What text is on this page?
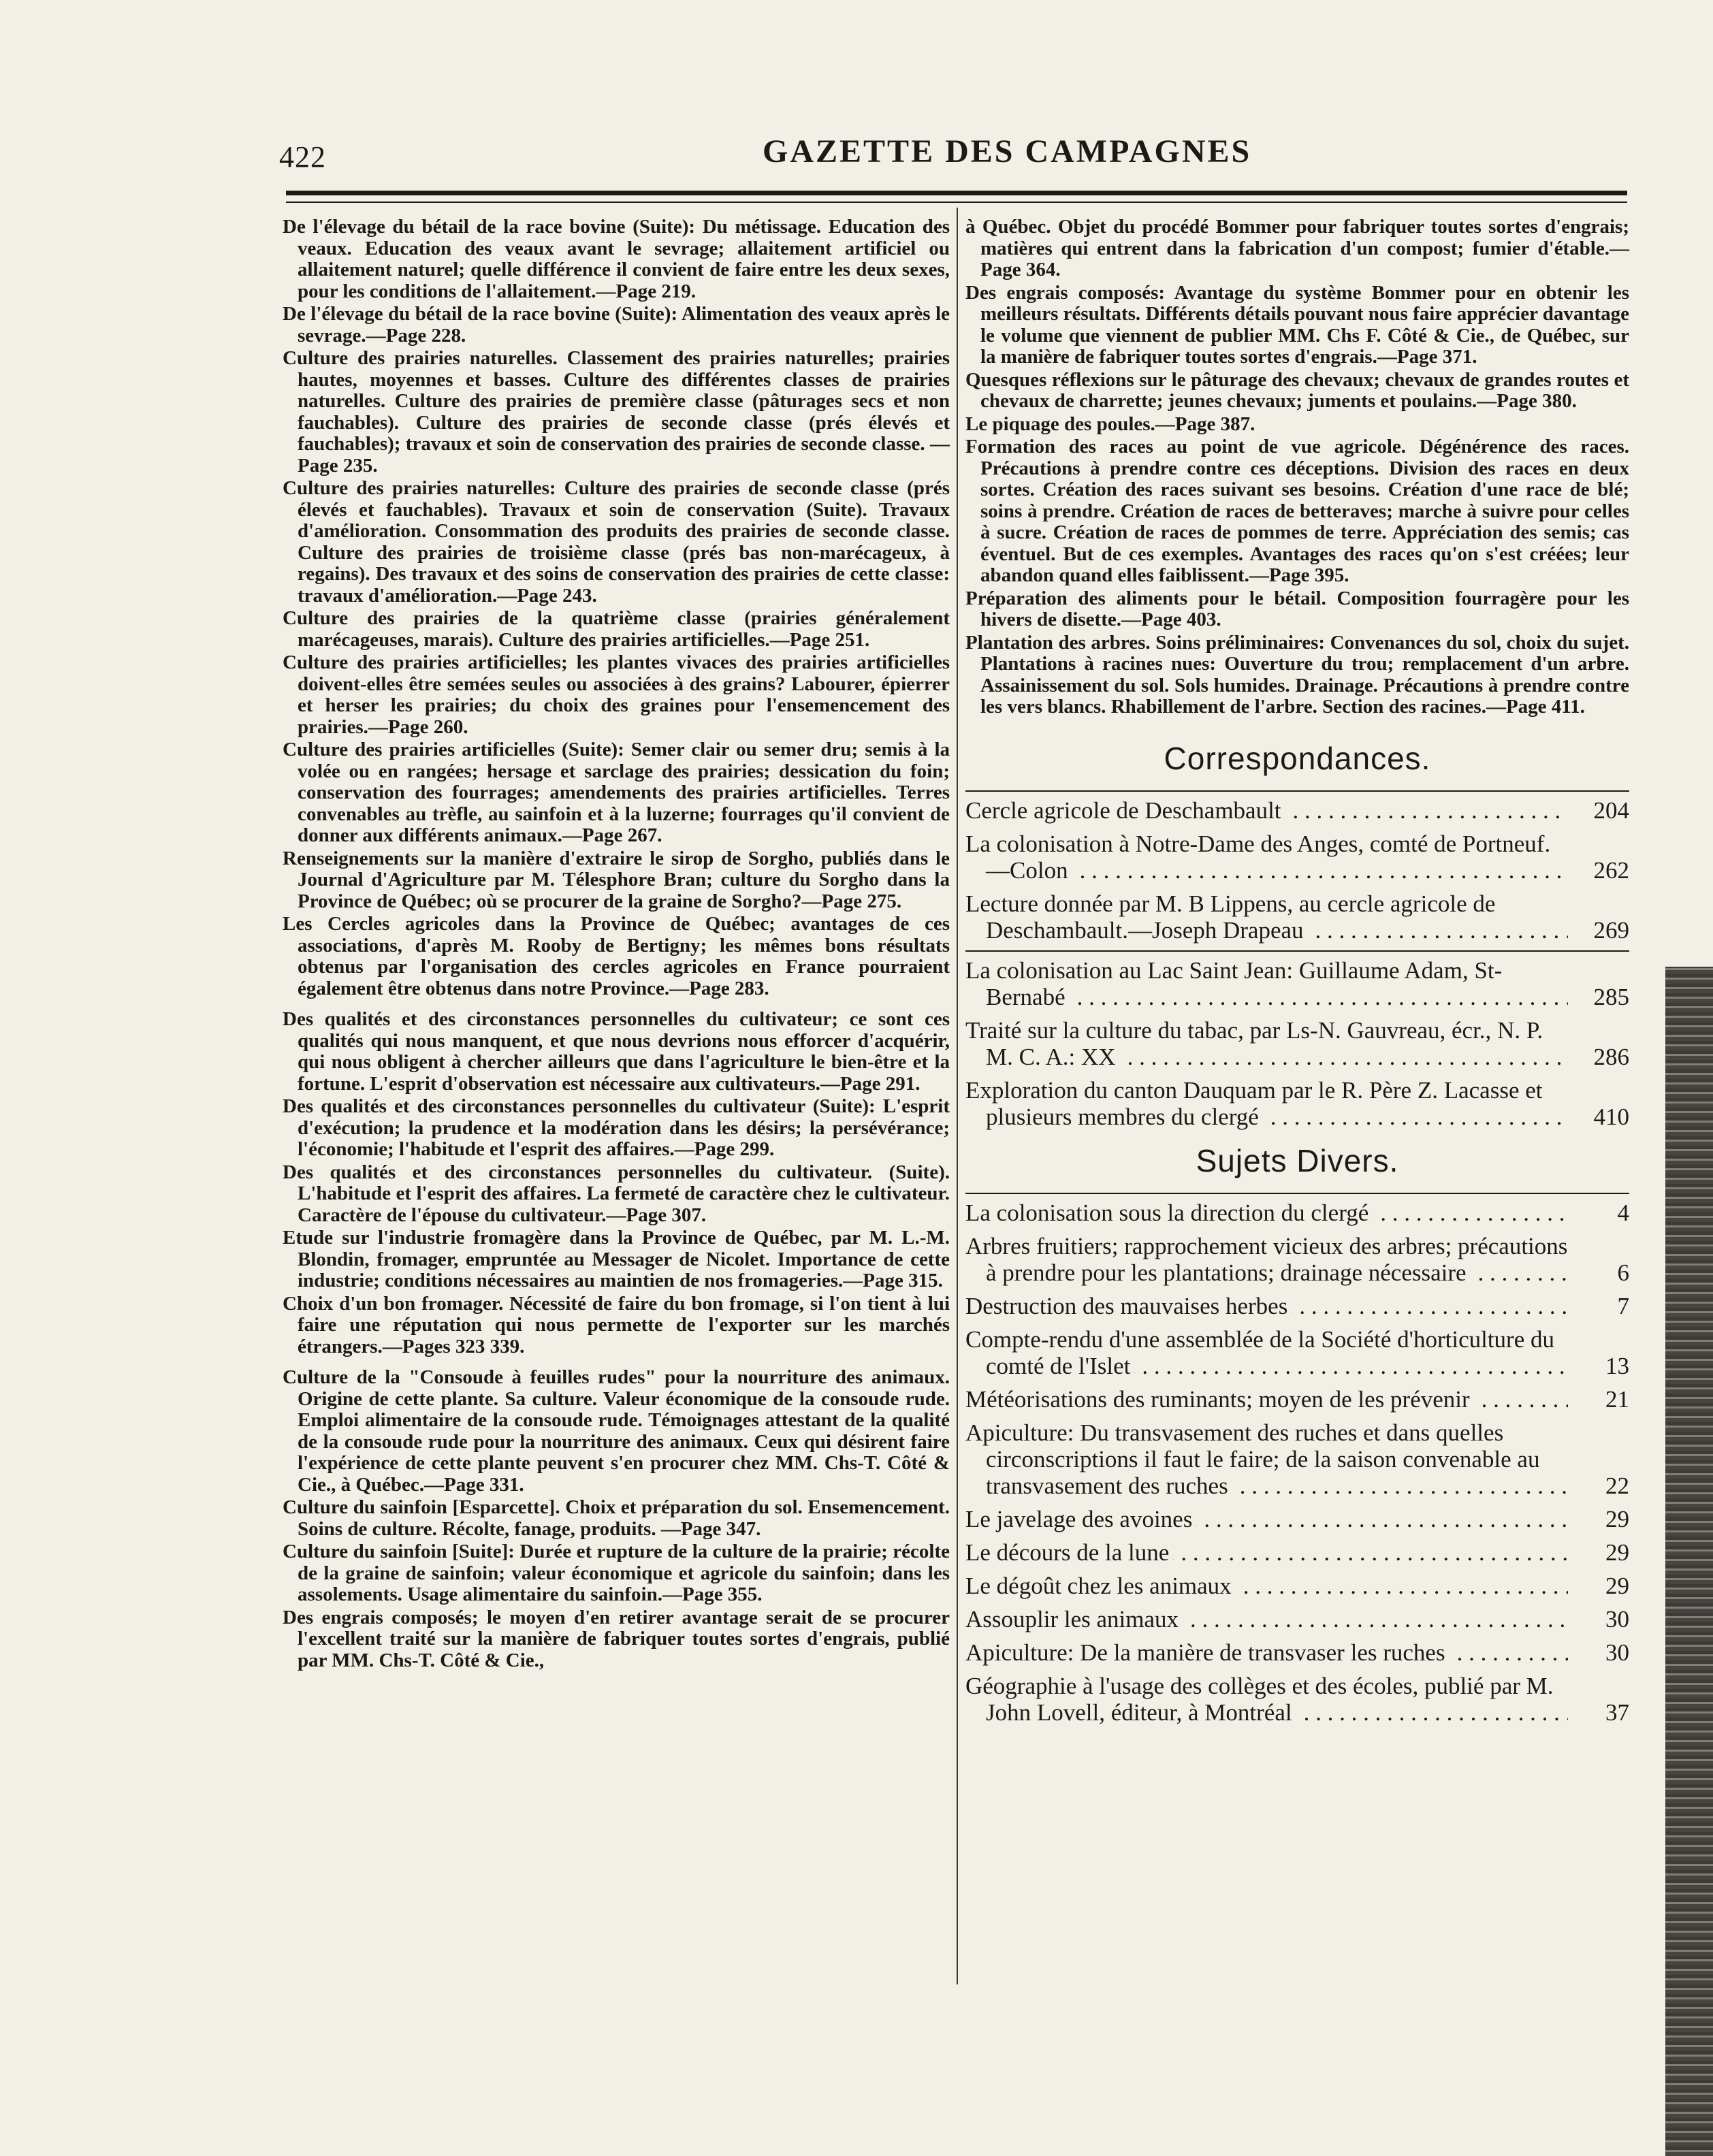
422	GAZETTE DES CAMPAGNES

De l'élevage du bétail de la race bovine (Suite): Du métissage. Education des veaux. Education des veaux avant le sevrage; allaitement artificiel ou allaitement naturel; quelle différence il convient de faire entre les deux sexes, pour les conditions de l'allaitement.—Page 219.

De l'élevage du bétail de la race bovine (Suite): Alimentation des veaux après le sevrage.—Page 228.

Culture des prairies naturelles. Classement des prairies naturelles; prairies hautes, moyennes et basses. Culture des différentes classes de prairies naturelles. Culture des prairies de première classe (pâturages secs et non fauchables). Culture des prairies de seconde classe (prés élevés et fauchables); travaux et soin de conservation des prairies de seconde classe. —Page 235.

Culture des prairies naturelles: Culture des prairies de seconde classe (prés élevés et fauchables). Travaux et soin de conservation (Suite). Travaux d'amélioration. Consommation des produits des prairies de seconde classe. Culture des prairies de troisième classe (prés bas non-marécageux, à regains). Des travaux et des soins de conservation des prairies de cette classe: travaux d'amélioration.—Page 243.

Culture des prairies de la quatrième classe (prairies généralement marécageuses, marais). Culture des prairies artificielles.—Page 251.

Culture des prairies artificielles; les plantes vivaces des prairies artificielles doivent-elles être semées seules ou associées à des grains? Labourer, épierrer et herser les prairies; du choix des graines pour l'ensemencement des prairies.—Page 260.

Culture des prairies artificielles (Suite): Semer clair ou semer dru; semis à la volée ou en rangées; hersage et sarclage des prairies; dessication du foin; conservation des fourrages; amendements des prairies artificielles. Terres convenables au trèfle, au sainfoin et à la luzerne; fourrages qu'il convient de donner aux différents animaux.—Page 267.

Renseignements sur la manière d'extraire le sirop de Sorgho, publiés dans le Journal d'Agriculture par M. Télesphore Bran; culture du Sorgho dans la Province de Québec; où se procurer de la graine de Sorgho?—Page 275.

Les Cercles agricoles dans la Province de Québec; avantages de ces associations, d'après M. Rooby de Bertigny; les mêmes bons résultats obtenus par l'organisation des cercles agricoles en France pourraient également être obtenus dans notre Province.—Page 283.

Des qualités et des circonstances personnelles du cultivateur; ce sont ces qualités qui nous manquent, et que nous devrions nous efforcer d'acquérir, qui nous obligent à chercher ailleurs que dans l'agriculture le bien-être et la fortune. L'esprit d'observation est nécessaire aux cultivateurs.—Page 291.

Des qualités et des circonstances personnelles du cultivateur (Suite): L'esprit d'exécution; la prudence et la modération dans les désirs; la persévérance; l'économie; l'habitude et l'esprit des affaires.—Page 299.

Des qualités et des circonstances personnelles du cultivateur. (Suite). L'habitude et l'esprit des affaires. La fermeté de caractère chez le cultivateur. Caractère de l'épouse du cultivateur.—Page 307.

Etude sur l'industrie fromagère dans la Province de Québec, par M. L.-M. Blondin, fromager, empruntée au Messager de Nicolet. Importance de cette industrie; conditions nécessaires au maintien de nos fromageries.—Page 315.

Choix d'un bon fromager. Nécessité de faire du bon fromage, si l'on tient à lui faire une réputation qui nous permette de l'exporter sur les marchés étrangers.—Pages 323 339.

Culture de la "Consoude à feuilles rudes" pour la nourriture des animaux. Origine de cette plante. Sa culture. Valeur économique de la consoude rude. Emploi alimentaire de la consoude rude. Témoignages attestant de la qualité de la consoude rude pour la nourriture des animaux. Ceux qui désirent faire l'expérience de cette plante peuvent s'en procurer chez MM. Chs-T. Côté & Cie., à Québec.—Page 331.

Culture du sainfoin [Esparcette]. Choix et préparation du sol. Ensemencement. Soins de culture. Récolte, fanage, produits. —Page 347.

Culture du sainfoin [Suite]: Durée et rupture de la culture de la prairie; récolte de la graine de sainfoin; valeur économique et agricole du sainfoin; dans les assolements. Usage alimentaire du sainfoin.—Page 355.

Des engrais composés; le moyen d'en retirer avantage serait de se procurer l'excellent traité sur la manière de fabriquer toutes sortes d'engrais, publié par MM. Chs-T. Côté & Cie.,

à Québec. Objet du procédé Bommer pour fabriquer toutes sortes d'engrais; matières qui entrent dans la fabrication d'un compost; fumier d'étable.—Page 364.

Des engrais composés: Avantage du système Bommer pour en obtenir les meilleurs résultats. Différents détails pouvant nous faire apprécier davantage le volume que viennent de publier MM. Chs F. Côté & Cie., de Québec, sur la manière de fabriquer toutes sortes d'engrais.—Page 371.

Quesques réflexions sur le pâturage des chevaux; chevaux de grandes routes et chevaux de charrette; jeunes chevaux; juments et poulains.—Page 380.

Le piquage des poules.—Page 387.

Formation des races au point de vue agricole. Dégénérence des races. Précautions à prendre contre ces déceptions. Division des races en deux sortes. Création des races suivant ses besoins. Création d'une race de blé; soins à prendre. Création de races de betteraves; marche à suivre pour celles à sucre. Création de races de pommes de terre. Appréciation des semis; cas éventuel. But de ces exemples. Avantages des races qu'on s'est créées; leur abandon quand elles faiblissent.—Page 395.

Préparation des aliments pour le bétail. Composition fourragère pour les hivers de disette.—Page 403.

Plantation des arbres. Soins préliminaires: Convenances du sol, choix du sujet. Plantations à racines nues: Ouverture du trou; remplacement d'un arbre. Assainissement du sol. Sols humides. Drainage. Précautions à prendre contre les vers blancs. Rhabillement de l'arbre. Section des racines.—Page 411.

Correspondances.
Cercle agricole de Deschambault . . .	204
La colonisation à Notre-Dame des Anges, comté de Portneuf.—Colon . . .	262
Lecture donnée par M. B Lippens, au cercle agricole de Deschambault.—Joseph Drapeau . . .	269
La colonisation au Lac Saint Jean: Guillaume Adam, St-Bernabé . . .	285
Traité sur la culture du tabac, par Ls-N. Gauvreau, écr., N. P. M. C. A.: XX . . .	286
Exploration du canton Dauquam par le R. Père Z. Lacasse et plusieurs membres du clergé . . .	410
Sujets Divers.
La colonisation sous la direction du clergé . . .	4
Arbres fruitiers; rapprochement vicieux des arbres; précautions à prendre pour les plantations; drainage nécessaire . . .	6
Destruction des mauvaises herbes . . .	7
Compte-rendu d'une assemblée de la Société d'horticulture du comté de l'Islet . . .	13
Météorisations des ruminants; moyen de les prévenir . . .	21
Apiculture: Du transvasement des ruches et dans quelles circonscriptions il faut le faire; de la saison convenable au transvasement des ruches . . .	22
Le javelage des avoines . . .	29
Le décours de la lune . . .	29
Le dégoût chez les animaux . . .	29
Assouplir les animaux . . .	30
Apiculture: De la manière de transvaser les ruches . . .	30
Géographie à l'usage des collèges et des écoles, publié par M. John Lovell, éditeur, à Montréal . . .	37
